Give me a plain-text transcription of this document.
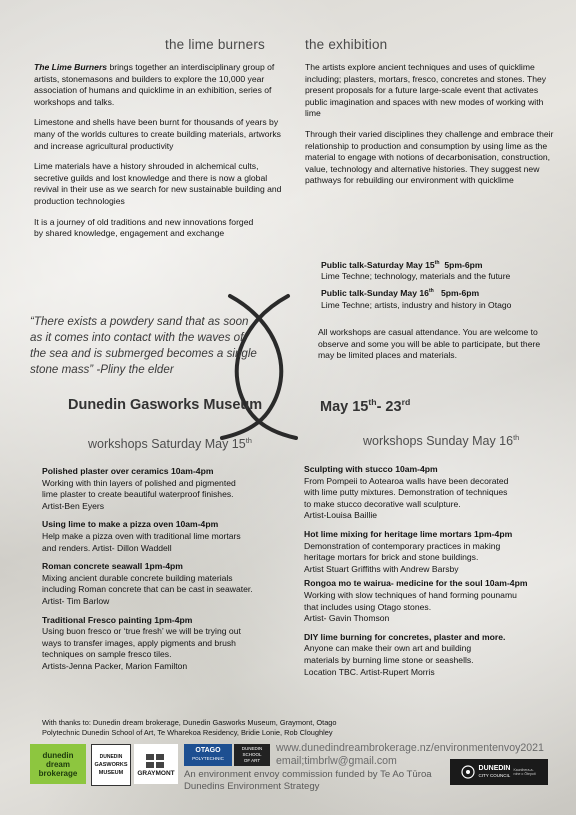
the lime burners	the exhibition

The Lime Burners brings together an interdisciplinary group of artists, stonemasons and builders to explore the 10,000 year association of humans and quicklime in an exhibition, series of workshops and talks.

Limestone and shells have been burnt for thousands of years by many of the worlds cultures to create building materials, artworks and increase agricultural productivity

Lime materials have a history shrouded in alchemical cults, secretive guilds and lost knowledge and there is now a global revival in their use as we search for new sustainable building and production technologies

It is a journey of old traditions and new innovations forged by shared knowledge, engagement and exchange

“There exists a powdery sand that as soon
as it comes into contact with the waves of
the sea and is submerged becomes a single
stone mass” -Pliny the elder
Dunedin Gasworks Museum

The artists explore ancient techniques and uses of quicklime including; plasters, mortars, fresco, concretes and stones. They present proposals for a future large-scale event that activates public imagination and spaces with new modes of working with lime

Through their varied disciplines they challenge and embrace their relationship to production and consumption by using lime as the material to engage with notions of decarbonisation, construction, value, technology and alternative histories. They suggest new pathways for rebuilding our environment with quicklime

Public talk-Saturday May 15th  5pm-6pm
Lime Techne; technology, materials and the future
Public talk-Sunday May 16th   5pm-6pm
Lime Techne; artists, industry and history in Otago
All workshops are casual attendance. You are welcome to observe and some you will be able to participate, but there may be limited places and materials.
May 15th- 23rd
workshops Saturday May 15th	workshops Sunday May 16th
Polished plaster over ceramics 10am-4pm
Working with thin layers of polished and pigmented
lime plaster to create beautiful waterproof finishes.
Artist-Ben Eyers
Using lime to make a pizza oven 10am-4pm
Help make a pizza oven with traditional lime mortars
and renders. Artist- Dillon Waddell
Roman concrete seawall 1pm-4pm
Mixing ancient durable concrete building materials
including Roman concrete that can be cast in seawater.
Artist- Tim Barlow
Traditional Fresco painting 1pm-4pm
Using buon fresco or ‘true fresh’ we will be trying out
ways to transfer images, apply pigments and brush
techniques on sample fresco tiles.
Artists-Jenna Packer, Marion Familton
Sculpting with stucco 10am-4pm
From Pompeii to Aotearoa walls have been decorated
with lime putty mixtures. Demonstration of techniques
to make stucco decorative wall sculpture.
Artist-Louisa Baillie
Hot lime mixing for heritage lime mortars 1pm-4pm
Demonstration of contemporary practices in making
heritage mortars for brick and stone buildings.
Artist Stuart Griffiths with Andrew Barsby
Rongoa mo te wairua- medicine for the soul 10am-4pm
Working with slow techniques of hand forming pounamu
that includes using Otago stones.
Artist- Gavin Thomson
DIY lime burning for concretes, plaster and more.
Anyone can make their own art and building
materials by burning lime stone or seashells.
Location TBC. Artist-Rupert Morris
With thanks to: Dunedin dream brokerage, Dunedin Gasworks Museum, Graymont, Otago
Polytechnic Dunedin School of Art, Te Wharekoa Residency, Bridie Lonie, Rob Cloughley
dunedin
dream
brokerage
DUNEDIN
GASWORKS
MUSEUM GRAYMONT
OTAGO
POLYTECHNIC
DUNEDIN
SCHOOL
OF ART
www.dunedindreambrokerage.nz/environmentenvoy2021
email;timbrlw@gmail.com
An environment envoy commission funded by Te Ao Tūroa
Dunedins Environment Strategy
DUNEDIN
CITY COUNCIL
Kaunihera-a-rohe o Ōtepoti
